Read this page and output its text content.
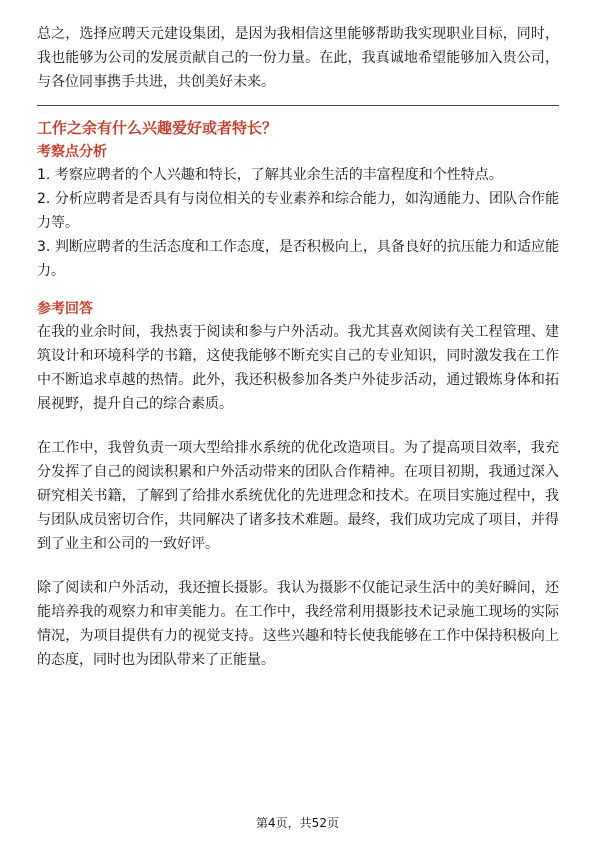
总之，选择应聘天元建设集团，是因为我相信这里能够帮助我实现职业目标，同时，我也能够为公司的发展贡献自己的一份力量。在此，我真诚地希望能够加入贵公司，与各位同事携手共进，共创美好未来。

工作之余有什么兴趣爱好或者特长？

考察点分析

1. 考察应聘者的个人兴趣和特长，了解其业余生活的丰富程度和个性特点。

2. 分析应聘者是否具有与岗位相关的专业素养和综合能力，如沟通能力、团队合作能力等。

3. 判断应聘者的生活态度和工作态度，是否积极向上，具备良好的抗压能力和适应能力。

参考回答

在我的业余时间，我热衷于阅读和参与户外活动。我尤其喜欢阅读有关工程管理、建筑设计和环境科学的书籍，这使我能够不断充实自己的专业知识，同时激发我在工作中不断追求卓越的热情。此外，我还积极参加各类户外徒步活动，通过锻炼身体和拓展视野，提升自己的综合素质。

在工作中，我曾负责一项大型给排水系统的优化改造项目。为了提高项目效率，我充分发挥了自己的阅读积累和户外活动带来的团队合作精神。在项目初期，我通过深入研究相关书籍，了解到了给排水系统优化的先进理念和技术。在项目实施过程中，我与团队成员密切合作，共同解决了诸多技术难题。最终，我们成功完成了项目，并得到了业主和公司的一致好评。

除了阅读和户外活动，我还擅长摄影。我认为摄影不仅能记录生活中的美好瞬间，还能培养我的观察力和审美能力。在工作中，我经常利用摄影技术记录施工现场的实际情况，为项目提供有力的视觉支持。这些兴趣和特长使我能够在工作中保持积极向上的态度，同时也为团队带来了正能量。

第4页，共52页
